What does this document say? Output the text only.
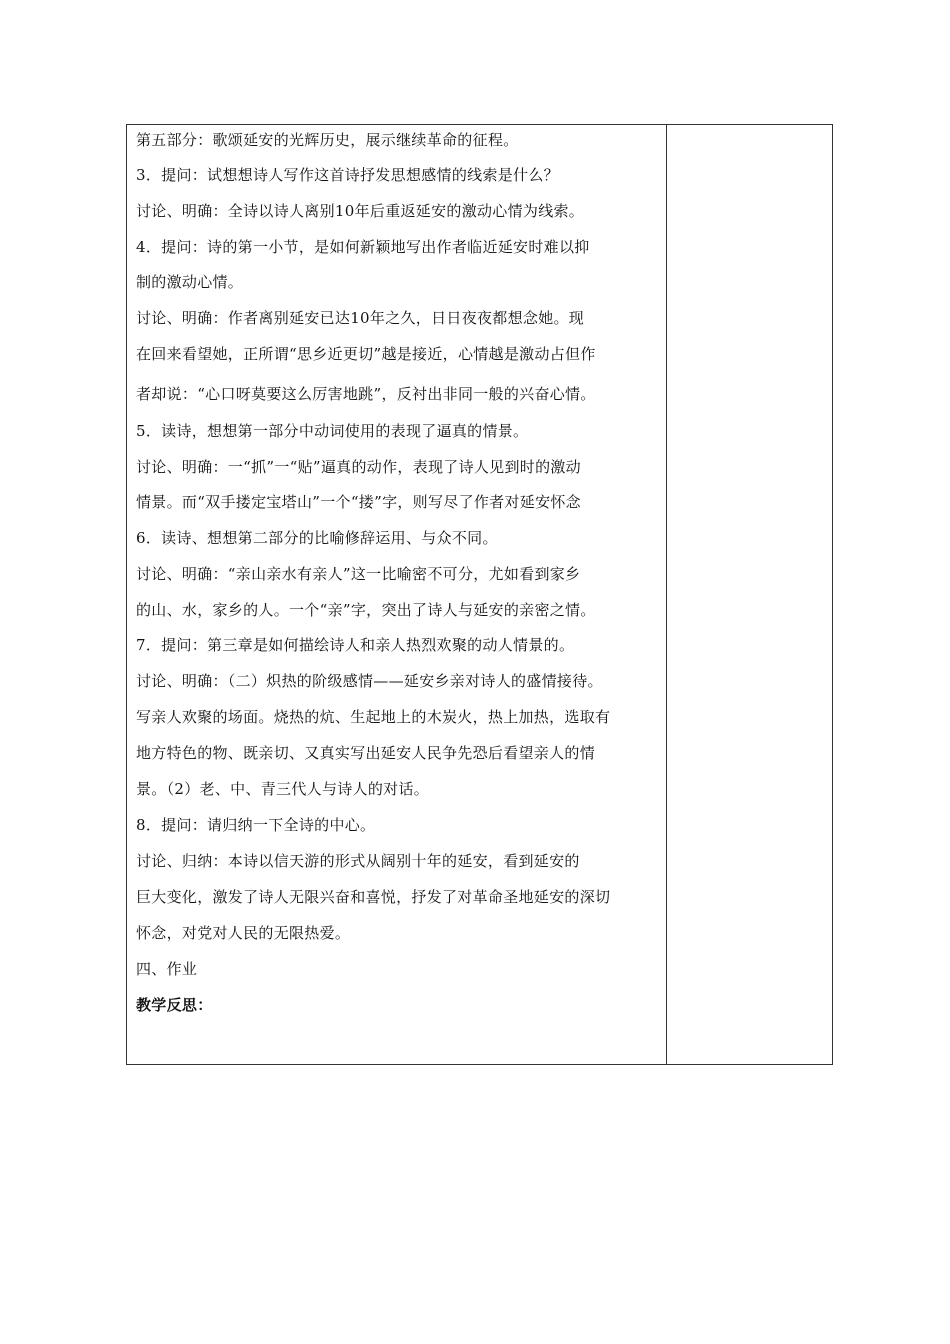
第五部分：歌颂延安的光辉历史，展示继续革命的征程。
3．提问：试想想诗人写作这首诗抒发思想感情的线索是什么？
讨论、明确：全诗以诗人离别10年后重返延安的激动心情为线索。
4．提问：诗的第一小节，是如何新颖地写出作者临近延安时难以抑
制的激动心情。
讨论、明确：作者离别延安已达10年之久，日日夜夜都想念她。现
在回来看望她，正所谓“思乡近更切”越是接近，心情越是激动占但作
者却说：“心口呀莫要这么厉害地跳”，反衬出非同一般的兴奋心情。
5．读诗，想想第一部分中动词使用的表现了逼真的情景。
讨论、明确：一“抓”一“贴”逼真的动作，表现了诗人见到时的激动
情景。而“双手搂定宝塔山”一个“搂”字，则写尽了作者对延安怀念
6．读诗、想想第二部分的比喻修辞运用、与众不同。
讨论、明确：“亲山亲水有亲人”这一比喻密不可分，尤如看到家乡
的山、水，家乡的人。一个“亲”字，突出了诗人与延安的亲密之情。
7．提问：第三章是如何描绘诗人和亲人热烈欢聚的动人情景的。
讨论、明确：（二）炽热的阶级感情——延安乡亲对诗人的盛情接待。
写亲人欢聚的场面。烧热的炕、生起地上的木炭火，热上加热，选取有
地方特色的物、既亲切、又真实写出延安人民争先恐后看望亲人的情
景。（2）老、中、青三代人与诗人的对话。
8．提问：请归纳一下全诗的中心。
讨论、归纳：本诗以信天游的形式从阔别十年的延安，看到延安的
巨大变化，激发了诗人无限兴奋和喜悦，抒发了对革命圣地延安的深切
怀念，对党对人民的无限热爱。
四、作业
教学反思：
